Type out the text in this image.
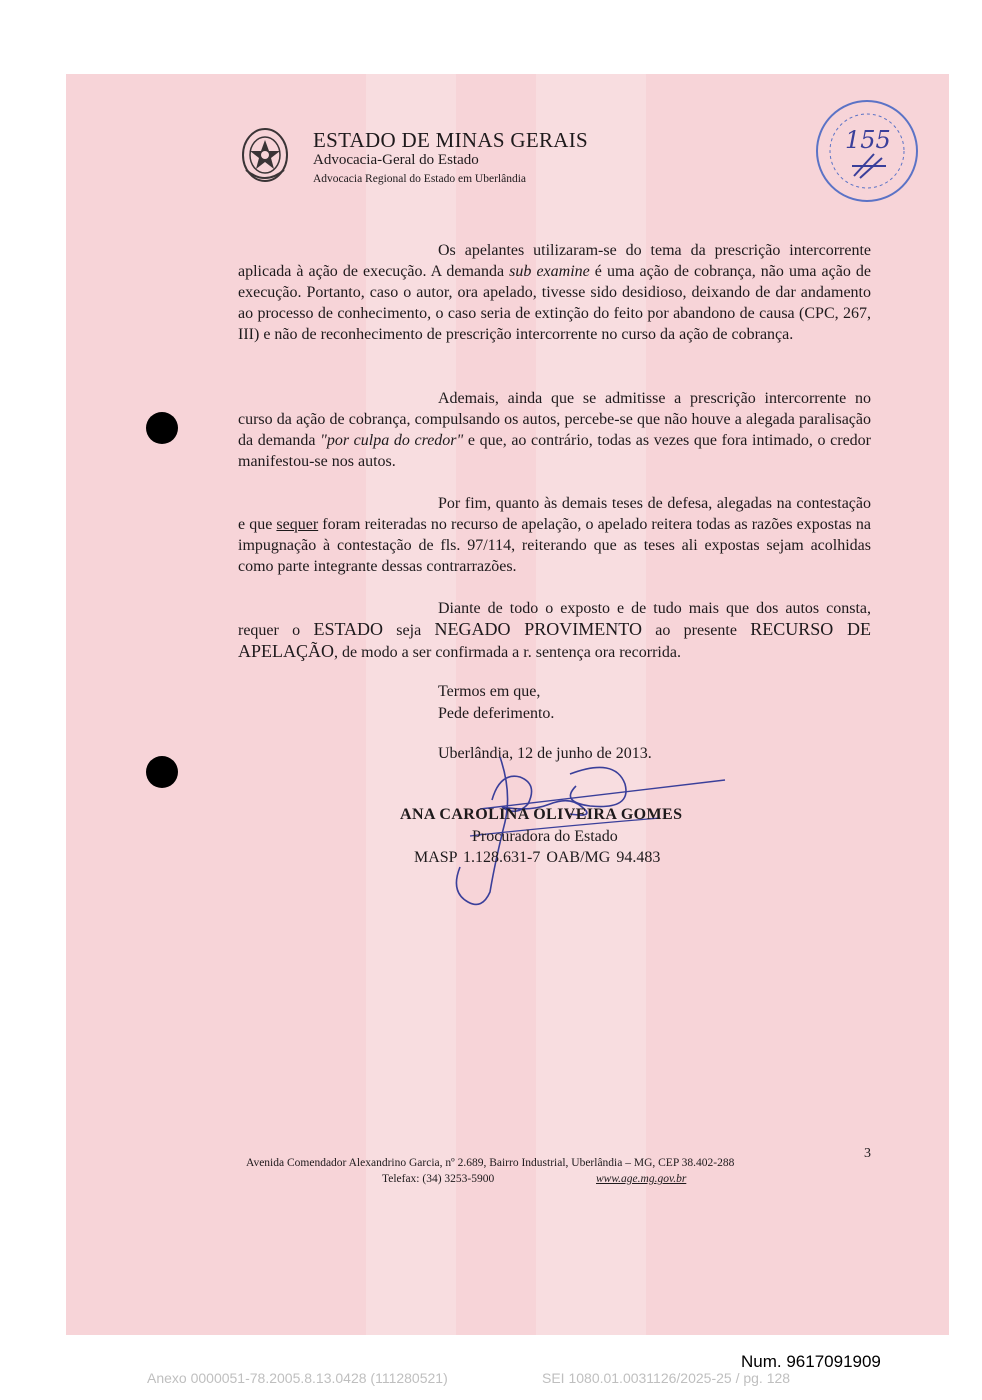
ESTADO DE MINAS GERAIS
Advocacia-Geral do Estado
Advocacia Regional do Estado em Uberlândia
155

Os apelantes utilizaram-se do tema da prescrição intercorrente aplicada à ação de execução. A demanda sub examine é uma ação de cobrança, não uma ação de execução. Portanto, caso o autor, ora apelado, tivesse sido desidioso, deixando de dar andamento ao processo de conhecimento, o caso seria de extinção do feito por abandono de causa (CPC, 267, III) e não de reconhecimento de prescrição intercorrente no curso da ação de cobrança.

Ademais, ainda que se admitisse a prescrição intercorrente no curso da ação de cobrança, compulsando os autos, percebe-se que não houve a alegada paralisação da demanda "por culpa do credor" e que, ao contrário, todas as vezes que fora intimado, o credor manifestou-se nos autos.

Por fim, quanto às demais teses de defesa, alegadas na contestação e que sequer foram reiteradas no recurso de apelação, o apelado reitera todas as razões expostas na impugnação à contestação de fls. 97/114, reiterando que as teses ali expostas sejam acolhidas como parte integrante dessas contrarrazões.

Diante de todo o exposto e de tudo mais que dos autos consta, requer o ESTADO seja NEGADO PROVIMENTO ao presente RECURSO DE APELAÇÃO, de modo a ser confirmada a r. sentença ora recorrida.

Termos em que,
Pede deferimento.
Uberlândia, 12 de junho de 2013.
ANA CAROLINA OLIVEIRA GOMES
Procuradora do Estado
MASP 1.128.631-7 OAB/MG 94.483
3
Avenida Comendador Alexandrino Garcia, nº 2.689, Bairro Industrial, Uberlândia – MG, CEP 38.402-288
Telefax: (34) 3253-5900	www.age.mg.gov.br
Num. 9617091909
Anexo 0000051-78.2005.8.13.0428 (111280521)	SEI 1080.01.0031126/2025-25 / pg. 128
